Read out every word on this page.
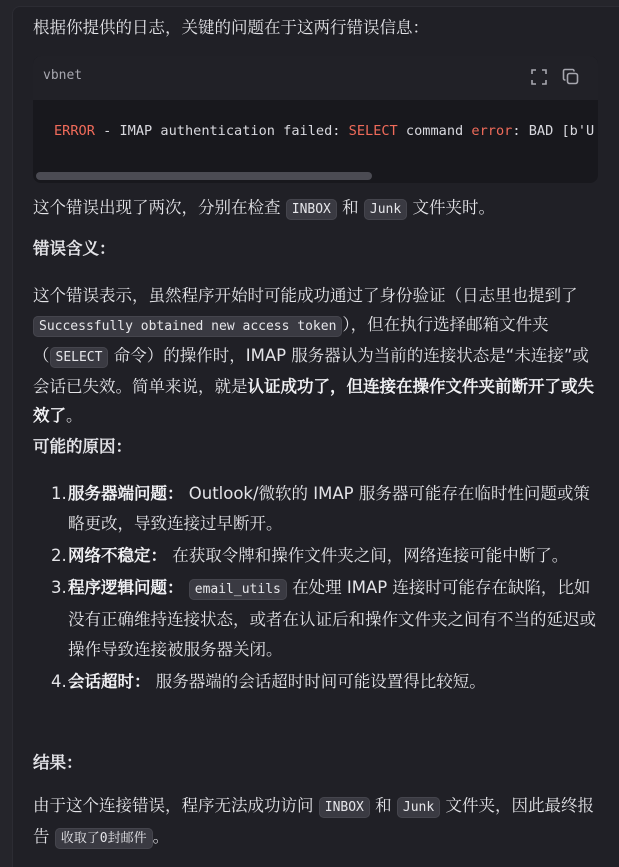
根据你提供的日志，关键的问题在于这两行错误信息：

vbnet
ERROR - IMAP authentication failed: SELECT command error: BAD [b'U

这个错误出现了两次，分别在检查 INBOX 和 Junk 文件夹时。

错误含义：

这个错误表示，虽然程序开始时可能成功通过了身份验证（日志里也提到了 Successfully obtained new access token ），但在执行选择邮箱文件夹（ SELECT 命令）的操作时，IMAP 服务器认为当前的连接状态是“未连接”或会话已失效。简单来说，就是认证成功了，但连接在操作文件夹前断开了或失效了。

可能的原因：
1. 服务器端问题： Outlook/微软的 IMAP 服务器可能存在临时性问题或策略更改，导致连接过早断开。
2. 网络不稳定： 在获取令牌和操作文件夹之间，网络连接可能中断了。
3. 程序逻辑问题： email_utils 在处理 IMAP 连接时可能存在缺陷，比如没有正确维持连接状态，或者在认证后和操作文件夹之间有不当的延迟或操作导致连接被服务器关闭。
4. 会话超时： 服务器端的会话超时时间可能设置得比较短。
结果：

由于这个连接错误，程序无法成功访问 INBOX 和 Junk 文件夹，因此最终报告 收取了0封邮件 。
